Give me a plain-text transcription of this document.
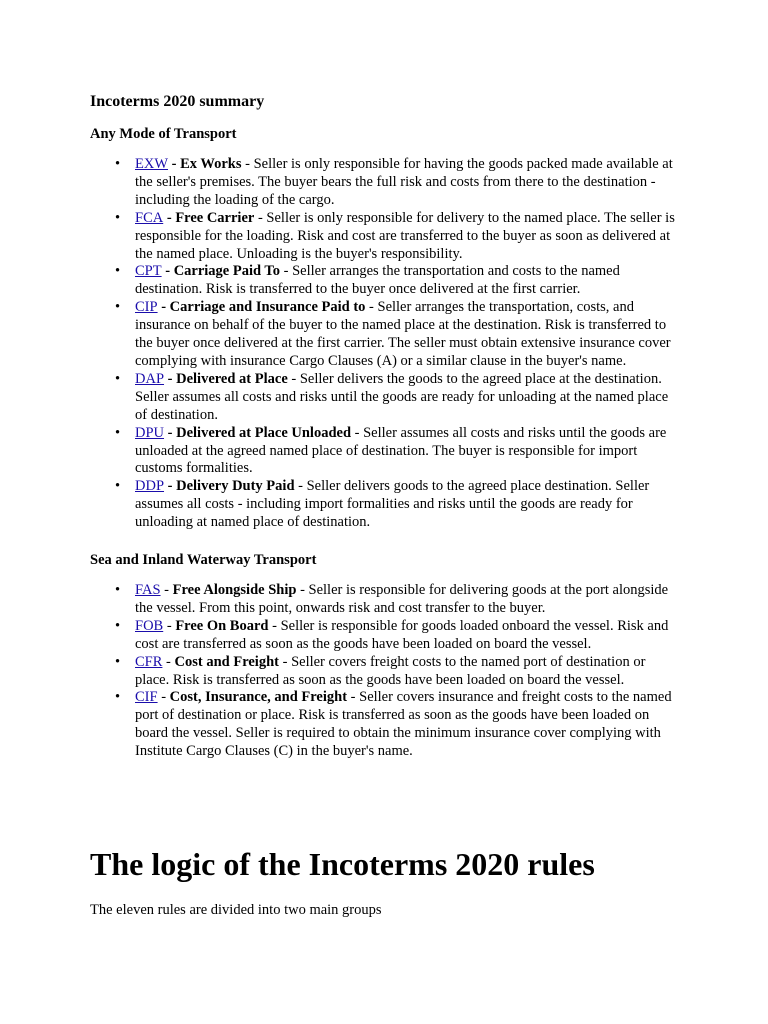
Incoterms 2020 summary
Any Mode of Transport
• EXW - Ex Works - Seller is only responsible for having the goods packed made available at the seller's premises. The buyer bears the full risk and costs from there to the destination - including the loading of the cargo.
• FCA - Free Carrier - Seller is only responsible for delivery to the named place. The seller is responsible for the loading. Risk and cost are transferred to the buyer as soon as delivered at the named place. Unloading is the buyer's responsibility.
• CPT - Carriage Paid To - Seller arranges the transportation and costs to the named destination. Risk is transferred to the buyer once delivered at the first carrier.
• CIP - Carriage and Insurance Paid to - Seller arranges the transportation, costs, and insurance on behalf of the buyer to the named place at the destination. Risk is transferred to the buyer once delivered at the first carrier. The seller must obtain extensive insurance cover complying with insurance Cargo Clauses (A) or a similar clause in the buyer's name.
• DAP - Delivered at Place - Seller delivers the goods to the agreed place at the destination. Seller assumes all costs and risks until the goods are ready for unloading at the named place of destination.
• DPU - Delivered at Place Unloaded - Seller assumes all costs and risks until the goods are unloaded at the agreed named place of destination. The buyer is responsible for import customs formalities.
• DDP - Delivery Duty Paid - Seller delivers goods to the agreed place destination. Seller assumes all costs - including import formalities and risks until the goods are ready for unloading at named place of destination.
Sea and Inland Waterway Transport
• FAS - Free Alongside Ship - Seller is responsible for delivering goods at the port alongside the vessel. From this point, onwards risk and cost transfer to the buyer.
• FOB - Free On Board - Seller is responsible for goods loaded onboard the vessel. Risk and cost are transferred as soon as the goods have been loaded on board the vessel.
• CFR - Cost and Freight - Seller covers freight costs to the named port of destination or place. Risk is transferred as soon as the goods have been loaded on board the vessel.
• CIF - Cost, Insurance, and Freight - Seller covers insurance and freight costs to the named port of destination or place. Risk is transferred as soon as the goods have been loaded on board the vessel. Seller is required to obtain the minimum insurance cover complying with Institute Cargo Clauses (C) in the buyer's name.
The logic of the Incoterms 2020 rules

The eleven rules are divided into two main groups
